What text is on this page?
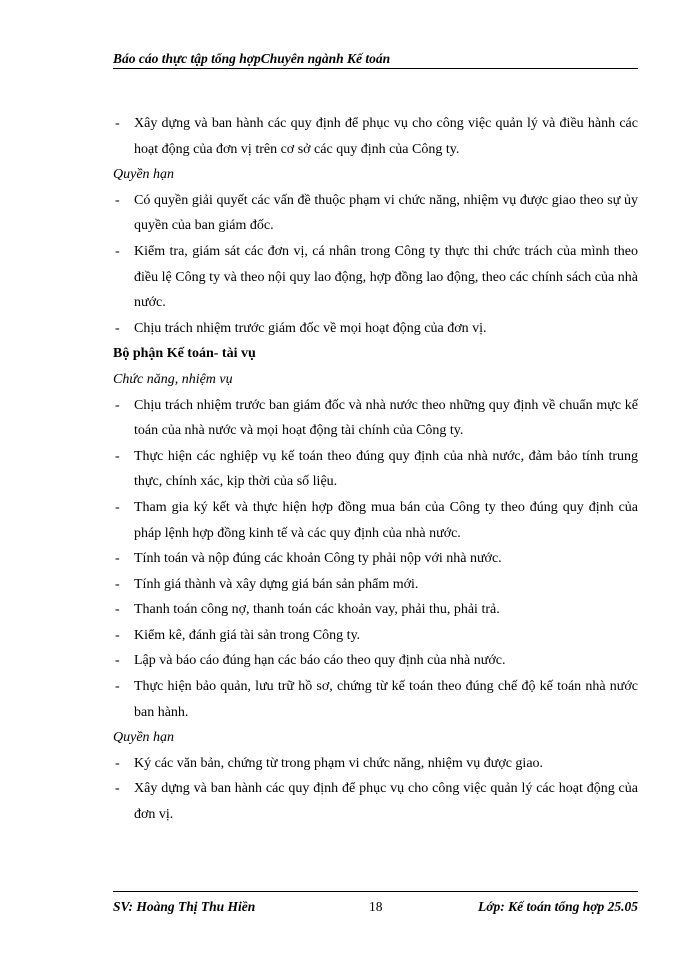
Báo cáo thực tập tổng hợpChuyên ngành Kế toán
- Xây dựng và ban hành các quy định để phục vụ cho công việc quản lý và điều hành các hoạt động của đơn vị trên cơ sở các quy định của Công ty.
Quyền hạn
- Có quyền giải quyết các vấn đề thuộc phạm vi chức năng, nhiệm vụ được giao theo sự ủy quyền của ban giám đốc.
- Kiểm tra, giám sát các đơn vị, cá nhân trong Công ty thực thi chức trách của mình theo điều lệ Công ty và theo nội quy lao động, hợp đồng lao động, theo các chính sách của nhà nước.
- Chịu trách nhiệm trước giám đốc về mọi hoạt động của đơn vị.
Bộ phận Kế toán- tài vụ
Chức năng, nhiệm vụ
- Chịu trách nhiệm trước ban giám đốc và nhà nước theo những quy định về chuẩn mực kế toán của nhà nước và mọi hoạt động tài chính của Công ty.
- Thực hiện các nghiệp vụ kế toán theo đúng quy định của nhà nước, đảm bảo tính trung thực, chính xác, kịp thời của số liệu.
- Tham gia ký kết và thực hiện hợp đồng mua bán của Công ty theo đúng quy định của pháp lệnh hợp đồng kinh tế và các quy định của nhà nước.
- Tính toán và nộp đúng các khoản Công ty phải nộp với nhà nước.
- Tính giá thành và xây dựng giá bán sản phẩm mới.
- Thanh toán công nợ, thanh toán các khoản vay, phải thu, phải trả.
- Kiểm kê, đánh giá tài sản trong Công ty.
- Lập và báo cáo đúng hạn các báo cáo theo quy định của nhà nước.
- Thực hiện bảo quản, lưu trữ hồ sơ, chứng từ kế toán theo đúng chế độ kế toán nhà nước ban hành.
Quyền hạn
- Ký các văn bản, chứng từ trong phạm vi chức năng, nhiệm vụ được giao.
- Xây dựng và ban hành các quy định để phục vụ cho công việc quản lý các hoạt động của đơn vị.
SV: Hoàng Thị Thu Hiền	18	Lớp: Kế toán tổng hợp 25.05
